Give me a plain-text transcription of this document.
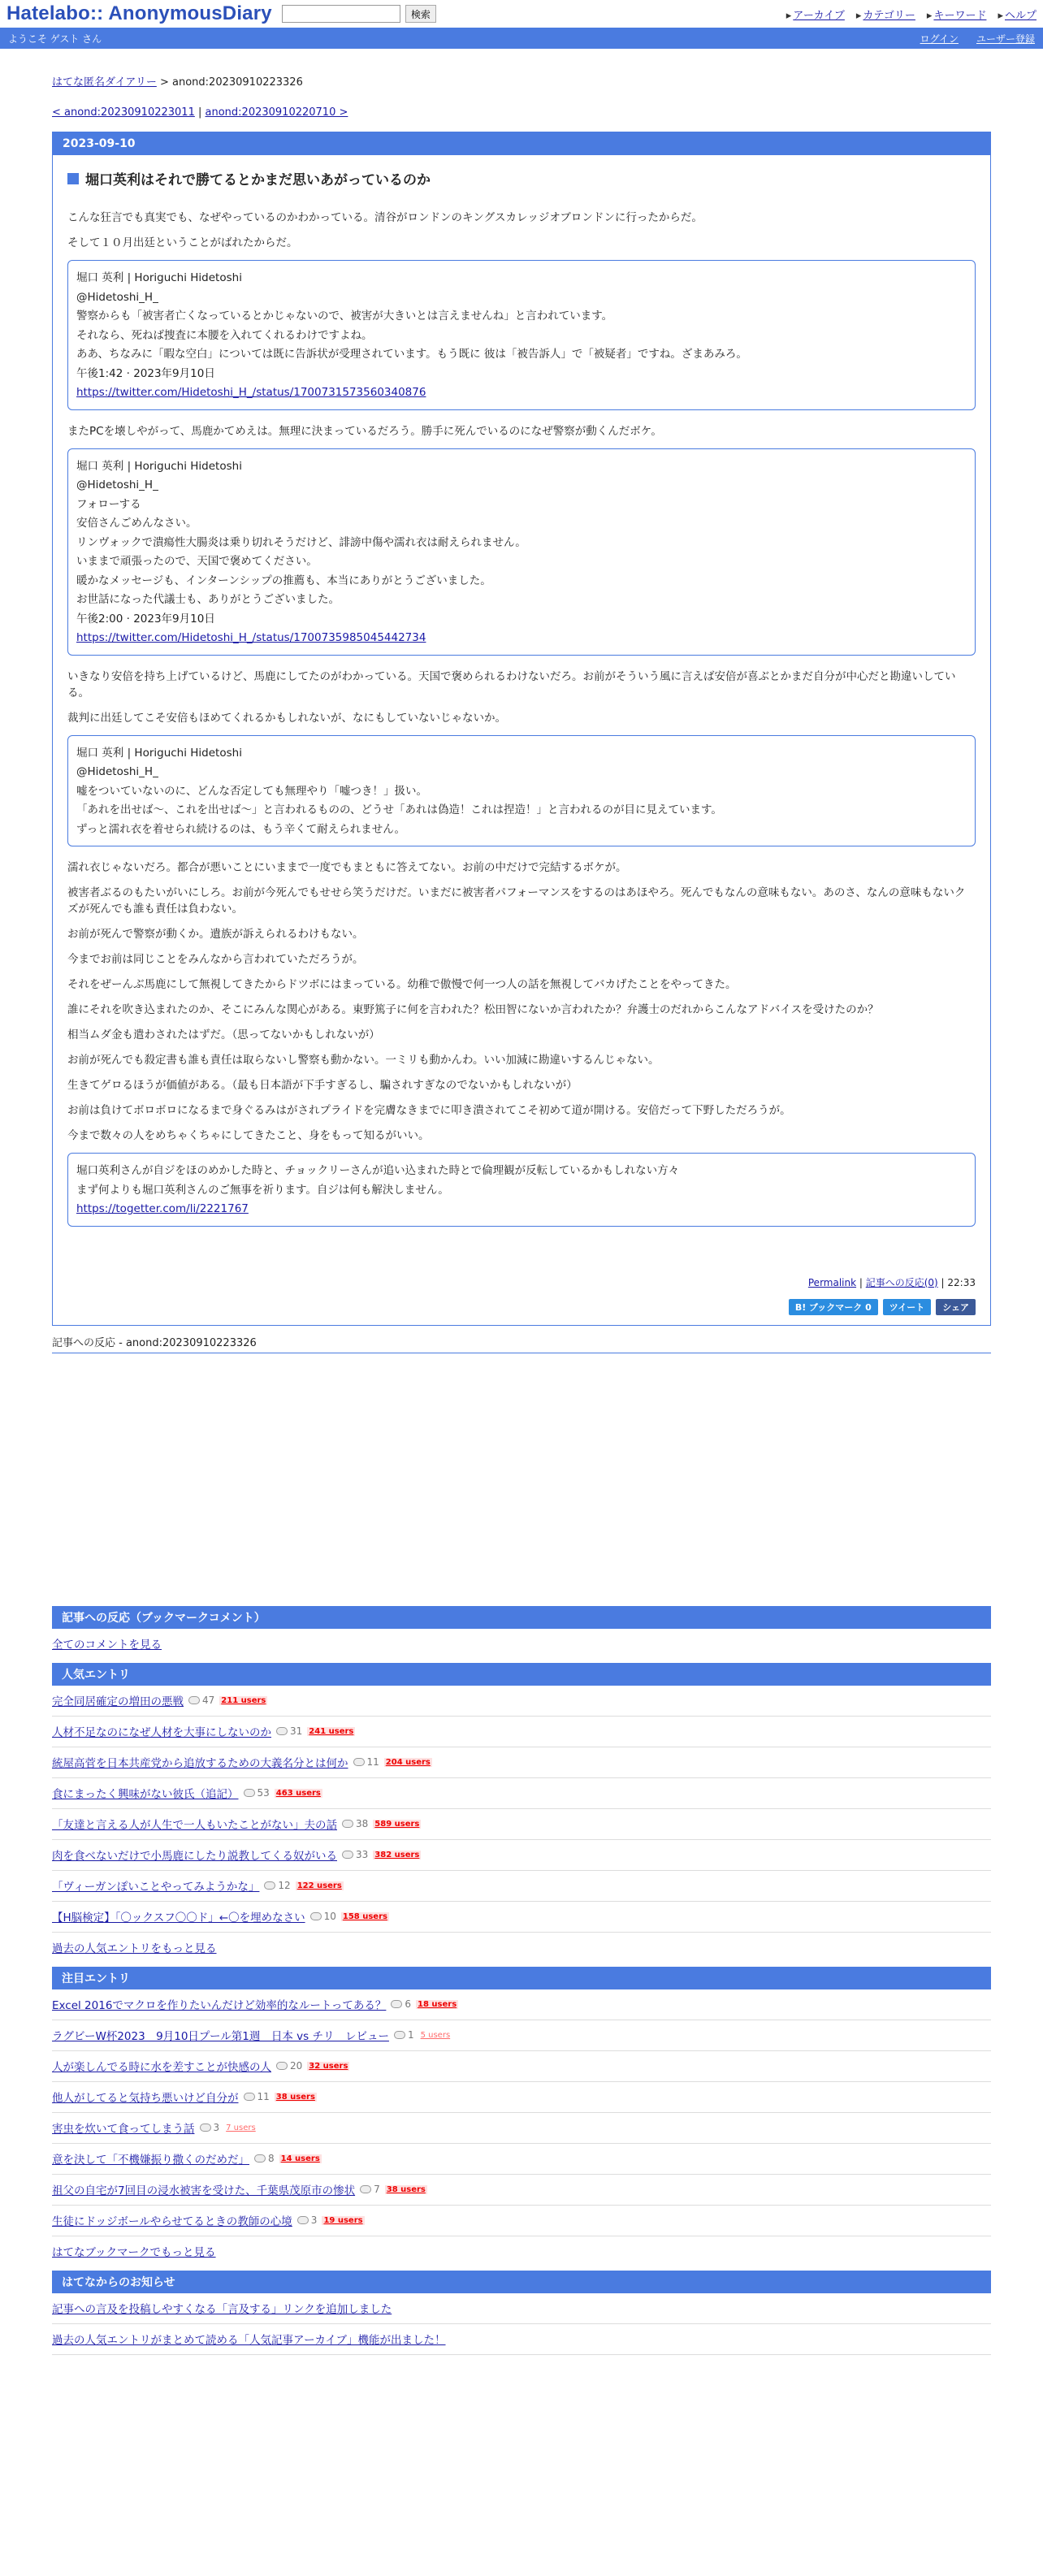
Hatelabo:: AnonymousDiary	検索	▸ アーカイブ	▸ カテゴリー	▸ キーワード	▸ ヘルプ
ようこそ ゲスト さん	ログイン ユーザー登録
はてな匿名ダイアリー > anond:20230910223326
< anond:20230910223011 | anond:20230910220710 >
2023-09-10
堀口英利はそれで勝てるとかまだ思いあがっているのか

こんな狂言でも真実でも、なぜやっているのかわかっている。清谷がロンドンのキングスカレッジオブロンドンに行ったからだ。

そして１０月出廷ということがばれたからだ。

堀口 英利 | Horiguchi Hidetoshi
@Hidetoshi_H_
警察からも「被害者亡くなっているとかじゃないので、被害が大きいとは言えませんね」と言われています。
それなら、死ねば捜査に本腰を入れてくれるわけですよね。
ああ、ちなみに「暇な空白」については既に告訴状が受理されています。もう既に 彼は「被告訴人」で「被疑者」ですね。ざまあみろ。
午後1:42 · 2023年9月10日
https://twitter.com/Hidetoshi_H_/status/1700731573560340876

またPCを壊しやがって、馬鹿かてめえは。無理に決まっているだろう。勝手に死んでいるのになぜ警察が動くんだボケ。

堀口 英利 | Horiguchi Hidetoshi
@Hidetoshi_H_
フォローする
安倍さんごめんなさい。
リンヴォックで潰瘍性大腸炎は乗り切れそうだけど、誹謗中傷や濡れ衣は耐えられません。
いままで頑張ったので、天国で褒めてください。
暖かなメッセージも、インターンシップの推薦も、本当にありがとうございました。
お世話になった代議士も、ありがとうございました。
午後2:00 · 2023年9月10日
https://twitter.com/Hidetoshi_H_/status/1700735985045442734

いきなり安倍を持ち上げているけど、馬鹿にしてたのがわかっている。天国で褒められるわけないだろ。お前がそういう風に言えば安倍が喜ぶとかまだ自分が中心だと勘違いしている。

裁判に出廷してこそ安倍もほめてくれるかもしれないが、なにもしていないじゃないか。

堀口 英利 | Horiguchi Hidetoshi
@Hidetoshi_H_
嘘をついていないのに、どんな否定しても無理やり「嘘つき！」扱い。
「あれを出せば〜、これを出せば〜」と言われるものの、どうせ「あれは偽造！これは捏造！」と言われるのが目に見えています。
ずっと濡れ衣を着せられ続けるのは、もう辛くて耐えられません。

濡れ衣じゃないだろ。都合が悪いことにいままで一度でもまともに答えてない。お前の中だけで完結するボケが。

被害者ぶるのもたいがいにしろ。お前が今死んでもせせら笑うだけだ。いまだに被害者パフォーマンスをするのはあほやろ。死んでもなんの意味もない。あのさ、なんの意味もないクズが死んでも誰も責任は負わない。

お前が死んで警察が動くか。遺族が訴えられるわけもない。

今までお前は同じことをみんなから言われていただろうが。

それをぜーんぶ馬鹿にして無視してきたからドツボにはまっている。幼稚で傲慢で何一つ人の話を無視してバカげたことをやってきた。

誰にそれを吹き込まれたのか、そこにみんな関心がある。東野篤子に何を言われた？松田智にないか言われたか？弁護士のだれからこんなアドバイスを受けたのか？

相当ムダ金も遣わされたはずだ。（思ってないかもしれないが）

お前が死んでも殺定書も誰も責任は取らないし警察も動かない。一ミリも動かんわ。いい加減に勘違いするんじゃない。

生きてゲロるほうが価値がある。（最も日本語が下手すぎるし、騙されすぎなのでないかもしれないが）

お前は負けてボロボロになるまで身ぐるみはがされプライドを完膚なきまでに叩き潰されてこそ初めて道が開ける。安倍だって下野しただろうが。

今まで数々の人をめちゃくちゃにしてきたこと、身をもって知るがいい。

堀口英利さんが自ジをほのめかした時と、チョックリーさんが追い込まれた時とで倫理観が反転しているかもしれない方々
まず何よりも堀口英利さんのご無事を祈ります。自ジは何も解決しません。
https://togetter.com/li/2221767
Permalink | 記事への反応(0) | 22:33
B! ブックマーク 0	ツイート	シェア
記事への反応 - anond:20230910223326
記事への反応（ブックマークコメント）
全てのコメントを見る
人気エントリ
完全同居確定の増田の悪戦 47 211 users
人材不足なのになぜ人材を大事にしないのか 31 241 users
統屋高菅を日本共産党から追放するための大義名分とは何か 11 204 users
食にまったく興味がない彼氏（追記） 53 463 users
「友達と言える人が人生で一人もいたことがない」夫の話 38 589 users
肉を食べないだけで小馬鹿にしたり説教してくる奴がいる 33 382 users
「ヴィーガンぽいことやってみようかな」 12 122 users
【H脳検定】「〇ックスフ〇〇ド」←〇を埋めなさい 10 158 users
過去の人気エントリをもっと見る
注目エントリ
Excel 2016でマクロを作りたいんだけど効率的なルートってある？ 6 18 users
ラグビーW杯2023　9月10日プール第1週　日本 vs チリ　レビュー 1 5 users
人が楽しんでる時に水を差すことが快感の人 20 32 users
他人がしてると気持ち悪いけど自分が 11 38 users
害虫を炊いて食ってしまう話 3 7 users
意を決して「不機嫌振り撒くのだめだ」 8 14 users
祖父の自宅が7回目の浸水被害を受けた、千葉県茂原市の惨状 7 38 users
生徒にドッジボールやらせてるときの教師の心境 3 19 users
はてなブックマークでもっと見る
はてなからのお知らせ
記事への言及を投稿しやすくなる「言及する」リンクを追加しました
過去の人気エントリがまとめて読める「人気記事アーカイブ」機能が出ました！
